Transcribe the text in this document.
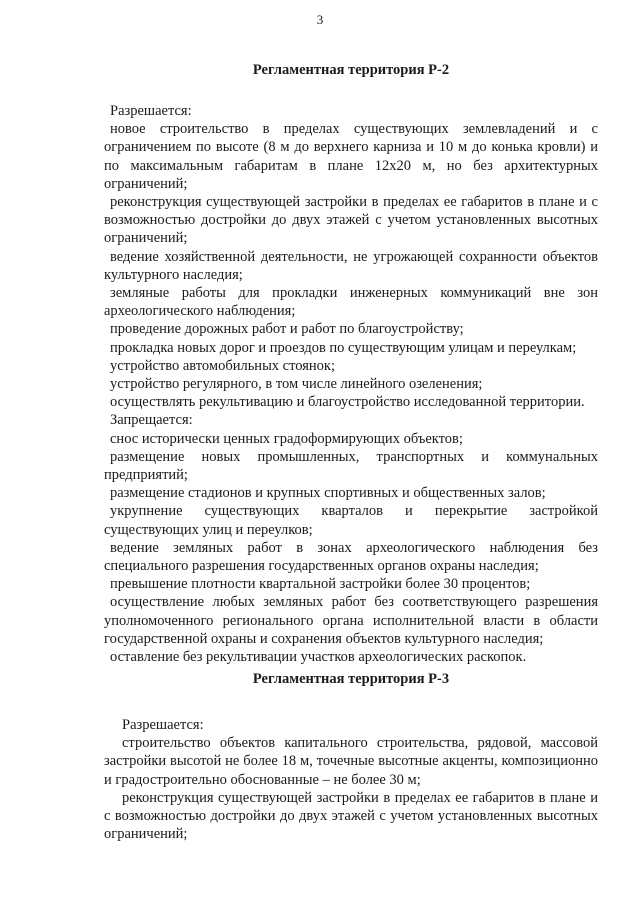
3

Регламентная территория Р-2

Разрешается:

новое строительство в пределах существующих землевладений и с ограничением по высоте (8 м до верхнего карниза и 10 м до конька кровли) и по максимальным габаритам в плане 12х20 м, но без архитектурных ограничений;

реконструкция существующей застройки в пределах ее габаритов в плане и с возможностью достройки до двух этажей с учетом установленных высотных ограничений;

ведение хозяйственной деятельности, не угрожающей сохранности объектов культурного наследия;

земляные работы для прокладки инженерных коммуникаций вне зон археологического наблюдения;

проведение дорожных работ и работ по благоустройству;

прокладка новых дорог и проездов по существующим улицам и переулкам;

устройство автомобильных стоянок;

устройство регулярного, в том числе линейного озеленения;

осуществлять рекультивацию и благоустройство исследованной территории.

Запрещается:

снос исторически ценных градоформирующих объектов;

размещение новых промышленных, транспортных и коммунальных предприятий;

размещение стадионов и крупных спортивных и общественных залов;

укрупнение существующих кварталов и перекрытие застройкой существующих улиц и переулков;

ведение земляных работ в зонах археологического наблюдения без специального разрешения государственных органов охраны наследия;

превышение плотности квартальной застройки более 30 процентов;

осуществление любых земляных работ без соответствующего разрешения уполномоченного регионального органа исполнительной власти в области государственной охраны и сохранения объектов культурного наследия;

оставление без рекультивации участков археологических раскопок.

Регламентная территория Р-3

Разрешается:

строительство объектов капитального строительства, рядовой, массовой застройки высотой не более 18 м, точечные высотные акценты, композиционно и градостроительно обоснованные – не более 30 м;

реконструкция существующей застройки в пределах ее габаритов в плане и с возможностью достройки до двух этажей с учетом установленных высотных ограничений;
